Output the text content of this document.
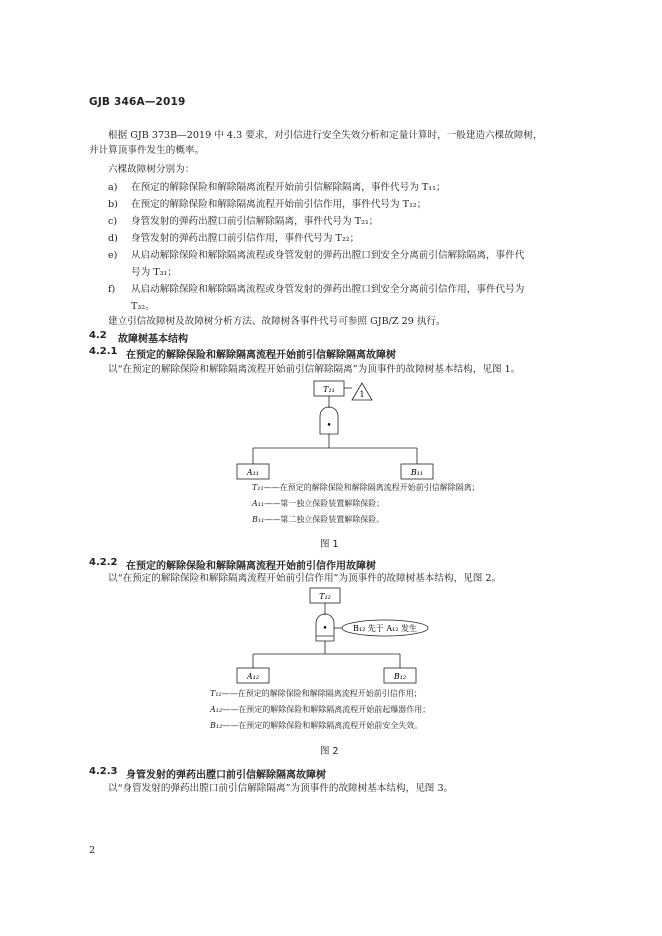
GJB 346A—2019
根据 GJB 373B—2019 中 4.3 要求，对引信进行安全失效分析和定量计算时，一般建造六棵故障树，
并计算顶事件发生的概率。
六棵故障树分别为：
a) 在预定的解除保险和解除隔离流程开始前引信解除隔离，事件代号为 T₁₁；
b) 在预定的解除保险和解除隔离流程开始前引信作用，事件代号为 T₁₂；
c) 身管发射的弹药出膛口前引信解除隔离，事件代号为 T₂₁；
d) 身管发射的弹药出膛口前引信作用，事件代号为 T₂₂；
e) 从启动解除保险和解除隔离流程或身管发射的弹药出膛口到安全分离前引信解除隔离，事件代
号为 T₃₁；
f) 从启动解除保险和解除隔离流程或身管发射的弹药出膛口到安全分离前引信作用，事件代号为
T₃₂。
建立引信故障树及故障树分析方法、故障树各事件代号可参照 GJB/Z 29 执行。
4.2 故障树基本结构
4.2.1 在预定的解除保险和解除隔离流程开始前引信解除隔离故障树
以“在预定的解除保险和解除隔离流程开始前引信解除隔离”为顶事件的故障树基本结构，见图 1。
T₁₁
1
•
A₁₁	B₁₁
T₁₂
•	B₁₂ 先于 A₁₂ 发生
A₁₂	B₁₂
T₁₁——在预定的解除保险和解除隔离流程开始前引信解除隔离；
A₁₁——第一独立保险装置解除保险；
B₁₁——第二独立保险装置解除保险。
图 1
4.2.2 在预定的解除保险和解除隔离流程开始前引信作用故障树
以“在预定的解除保险和解除隔离流程开始前引信作用”为顶事件的故障树基本结构，见图 2。
T₁₂——在预定的解除保险和解除隔离流程开始前引信作用；
A₁₂——在预定的解除保险和解除隔离流程开始前起爆器作用；
B₁₂——在预定的解除保险和解除隔离流程开始前安全失效。
图 2
4.2.3 身管发射的弹药出膛口前引信解除隔离故障树
以“身管发射的弹药出膛口前引信解除隔离”为顶事件的故障树基本结构，见图 3。
2
